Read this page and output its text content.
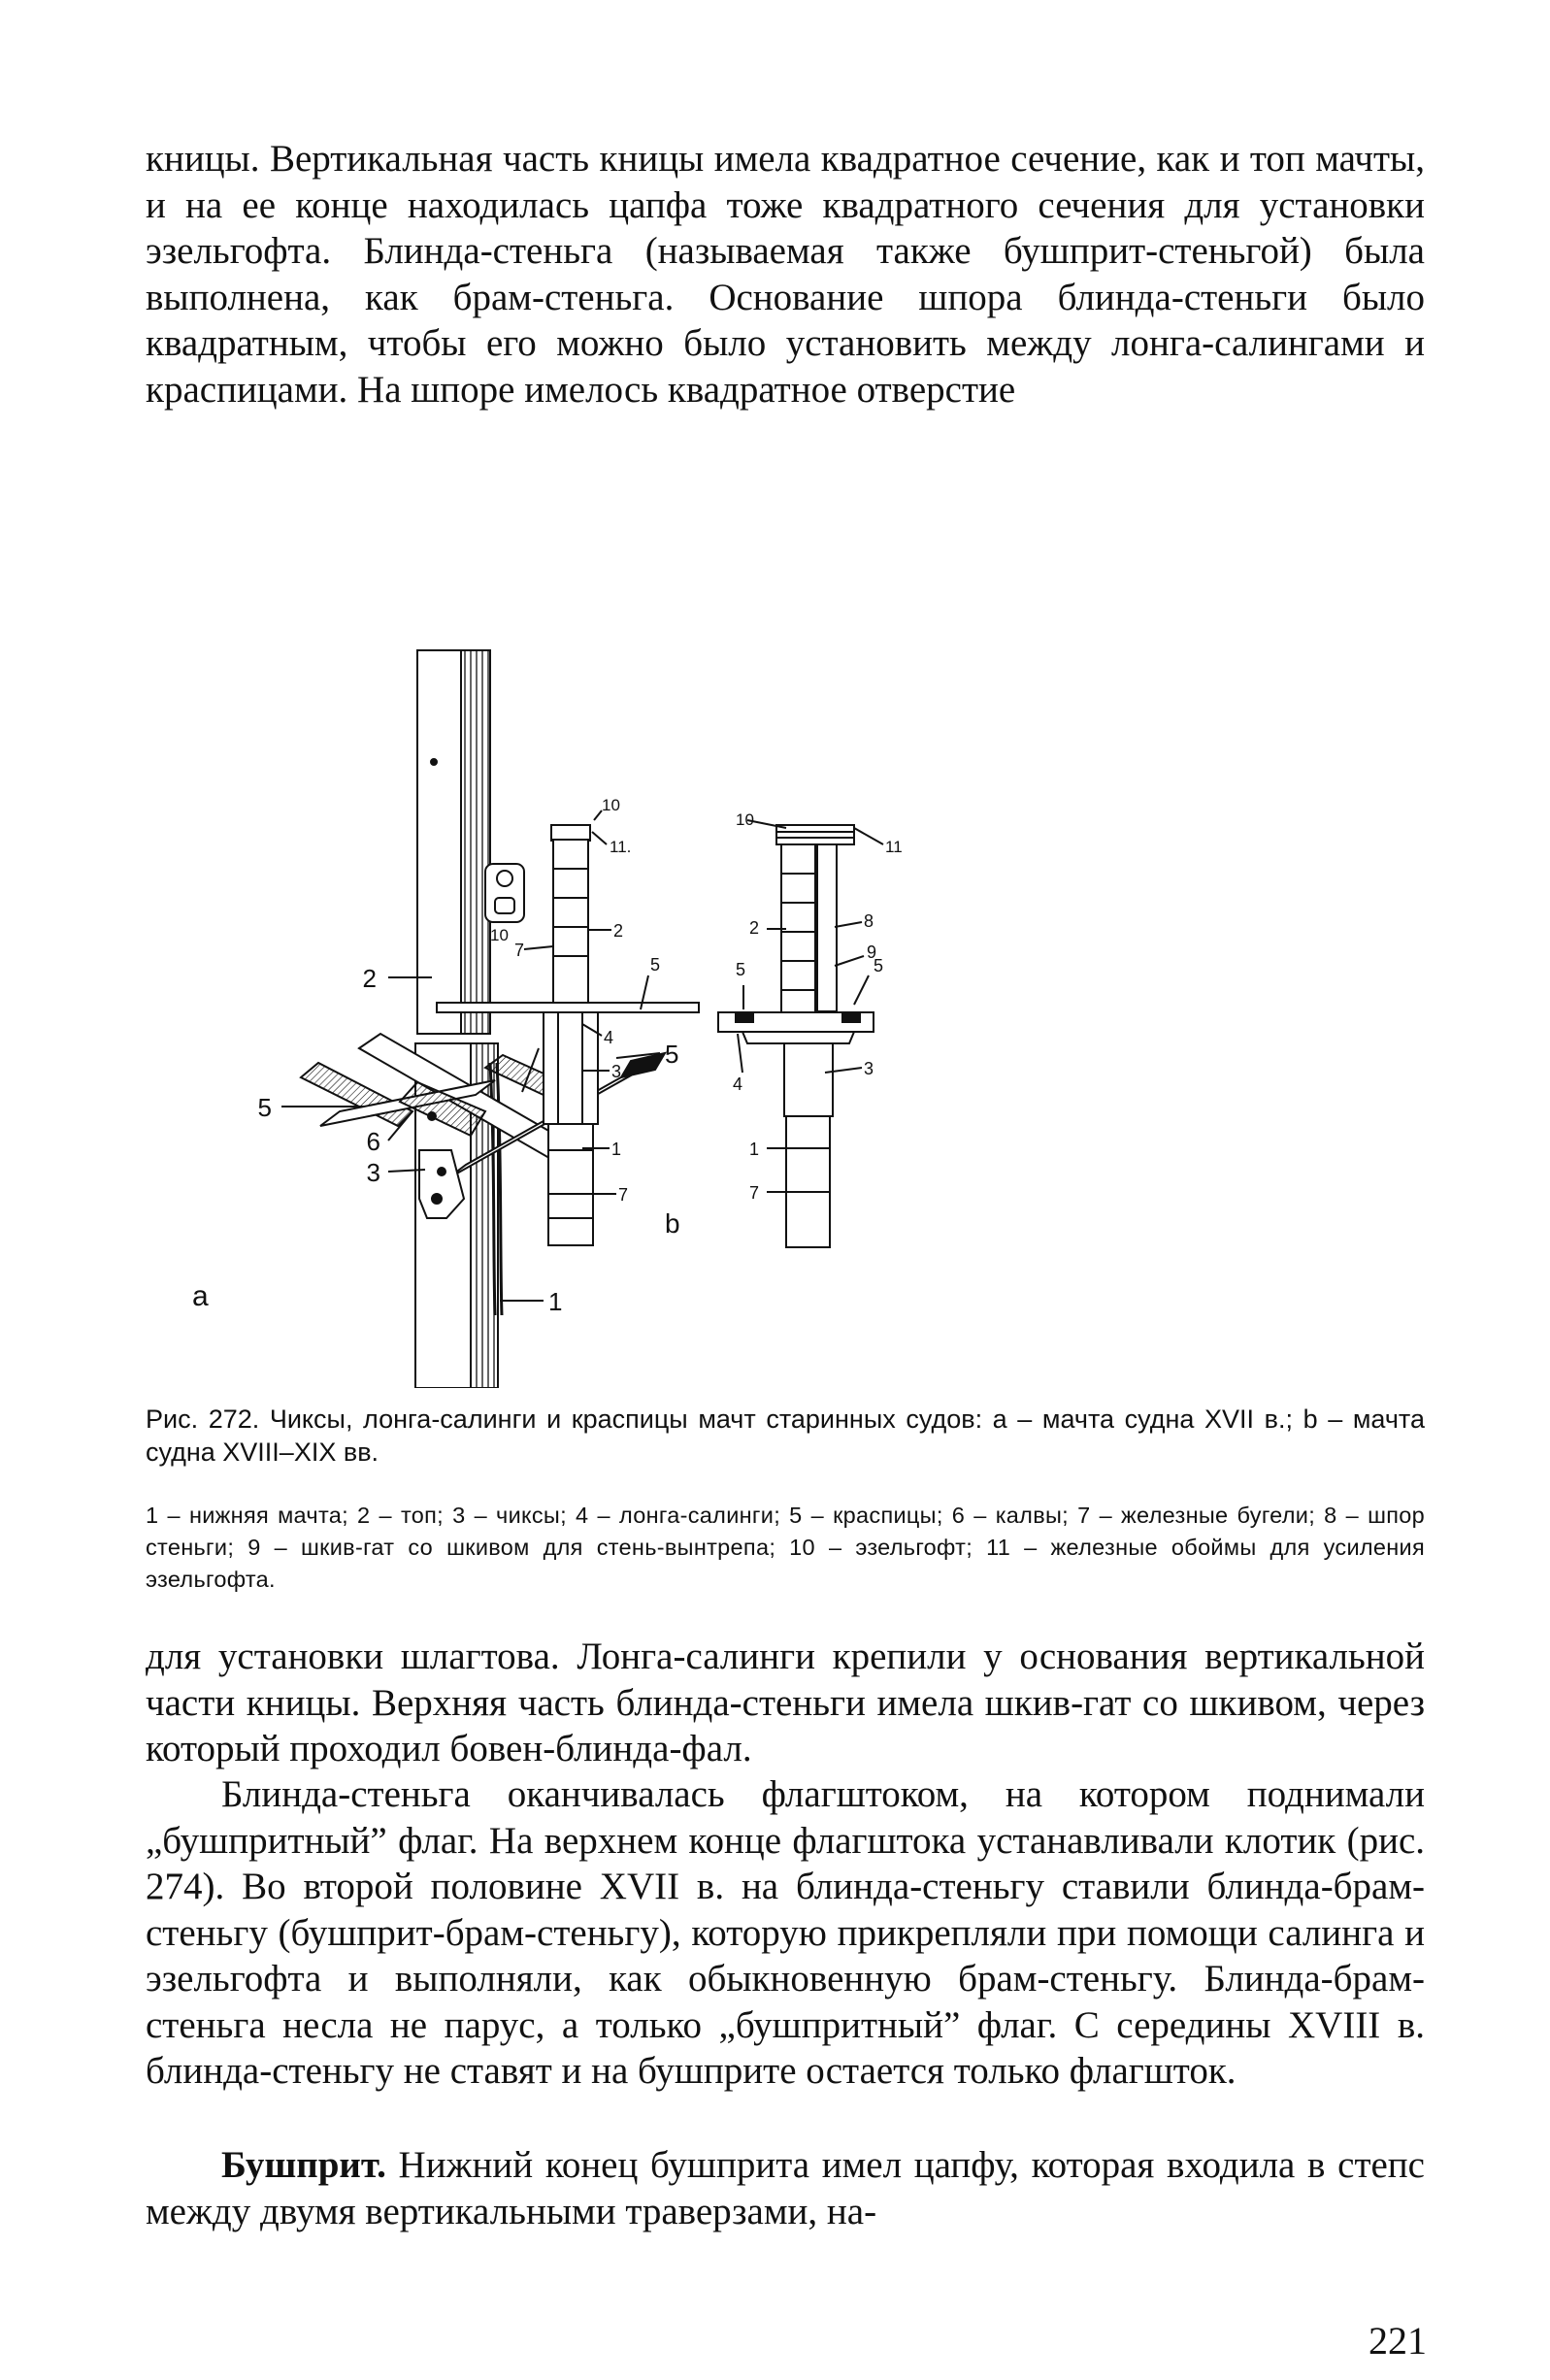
кницы. Вертикальная часть кницы имела квадратное сечение, как и топ мачты, и на ее конце находилась цапфа тоже квадратного сечения для установки эзельгофта. Блинда-стеньга (называемая также бушприт-стеньгой) была выполнена, как брам-стеньга. Основание шпора блинда-стеньги было квадратным, чтобы его можно было установить между лонга-салингами и краспицами. На шпоре имелось квадратное отверстие

2
5
5
6
3
1
a
10
11.
10	2
7
5
4
3
1
7
b
10
11
8
2
9
5
5
4
3
1
7

Рис. 272. Чиксы, лонга-салинги и краспицы мачт старинных судов: а – мачта судна XVII в.; b – мачта судна XVIII–XIX вв.

1 – нижняя мачта; 2 – топ; 3 – чиксы; 4 – лонга-салинги; 5 – краспицы; 6 – калвы; 7 – железные бугели; 8 – шпор стеньги; 9 – шкив-гат со шкивом для стень-вынтрепа; 10 – эзельгофт; 11 – железные обоймы для усиления эзельгофта.

для установки шлагтова. Лонга-салинги крепили у основания вертикальной части кницы. Верхняя часть блинда-стеньги имела шкив-гат со шкивом, через который проходил бовен-блинда-фал.

Блинда-стеньга оканчивалась флагштоком, на котором поднимали „бушпритный” флаг. На верхнем конце флагштока устанавливали клотик (рис. 274). Во второй половине XVII в. на блинда-стеньгу ставили блинда-брам-стеньгу (бушприт-брам-стеньгу), которую прикрепляли при помощи салинга и эзельгофта и выполняли, как обыкновенную брам-стеньгу. Блинда-брам-стеньга несла не парус, а только „бушпритный” флаг. С середины XVIII в. блинда-стеньгу не ставят и на бушприте остается только флагшток.

Бушприт. Нижний конец бушприта имел цапфу, которая входила в степс между двумя вертикальными траверзами, на-

221
